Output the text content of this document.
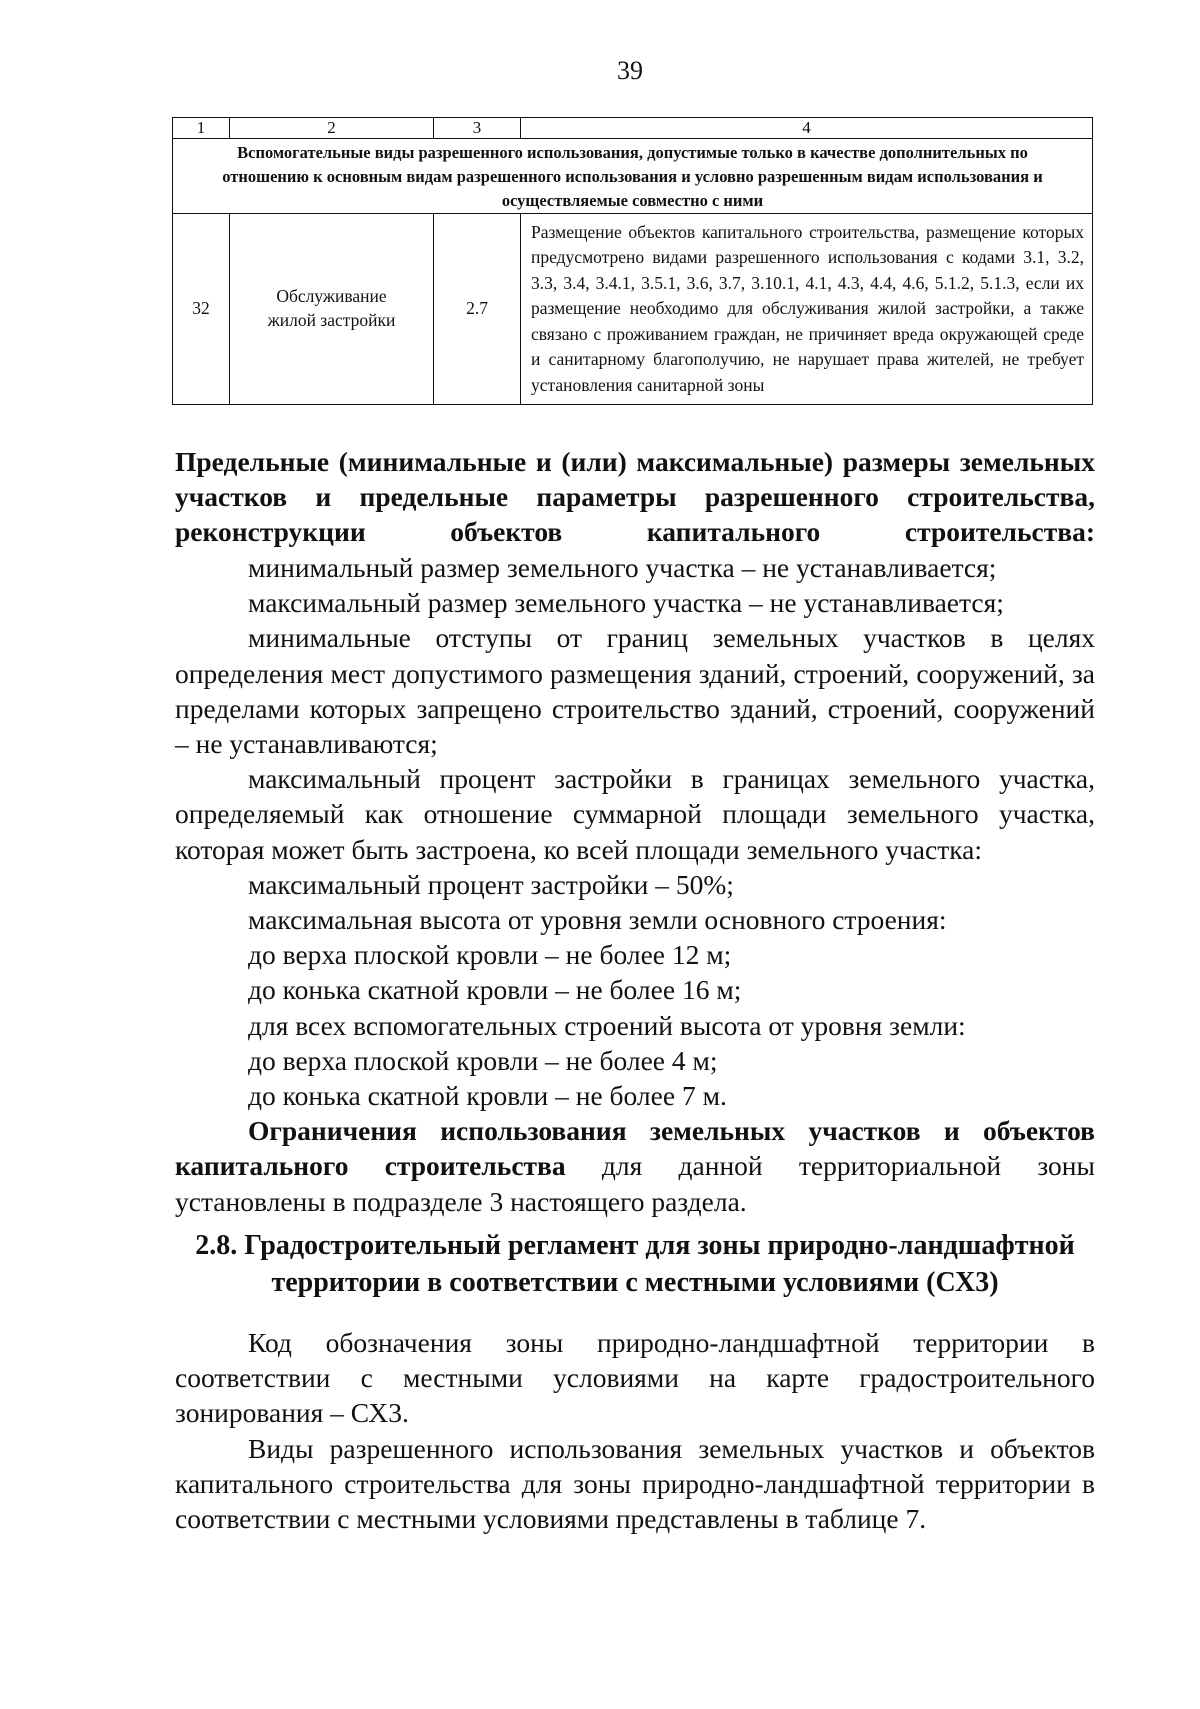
39
1	2	3	4
Вспомогательные виды разрешенного использования, допустимые только в качестве дополнительных по отношению к основным видам разрешенного использования и условно разрешенным видам использования и осуществляемые совместно с ними			
32	Обслуживание жилой застройки	2.7	Размещение объектов капитального строительства, размещение которых предусмотрено видами разрешенного использования с кодами 3.1, 3.2, 3.3, 3.4, 3.4.1, 3.5.1, 3.6, 3.7, 3.10.1, 4.1, 4.3, 4.4, 4.6, 5.1.2, 5.1.3, если их размещение необходимо для обслуживания жилой застройки, а также связано с проживанием граждан, не причиняет вреда окружающей среде и санитарному благополучию, не нарушает права жителей, не требует установления санитарной зоны

Предельные (минимальные и (или) максимальные) размеры земельных участков и предельные параметры разрешенного строительства, реконструкции объектов капитального строительства:

минимальный размер земельного участка – не устанавливается;

максимальный размер земельного участка – не устанавливается;

минимальные отступы от границ земельных участков в целях определения мест допустимого размещения зданий, строений, сооружений, за пределами которых запрещено строительство зданий, строений, сооружений – не устанавливаются;

максимальный процент застройки в границах земельного участка, определяемый как отношение суммарной площади земельного участка, которая может быть застроена, ко всей площади земельного участка:

максимальный процент застройки – 50%;

максимальная высота от уровня земли основного строения:

до верха плоской кровли – не более 12 м;

до конька скатной кровли – не более 16 м;

для всех вспомогательных строений высота от уровня земли:

до верха плоской кровли – не более 4 м;

до конька скатной кровли – не более 7 м.

Ограничения использования земельных участков и объектов капитального строительства для данной территориальной зоны установлены в подразделе 3 настоящего раздела.

2.8. Градостроительный регламент для зоны природно-ландшафтной территории в соответствии с местными условиями (СХ3)

Код обозначения зоны природно-ландшафтной территории в соответствии с местными условиями на карте градостроительного зонирования – СХ3.

Виды разрешенного использования земельных участков и объектов капитального строительства для зоны природно-ландшафтной территории в соответствии с местными условиями представлены в таблице 7.
